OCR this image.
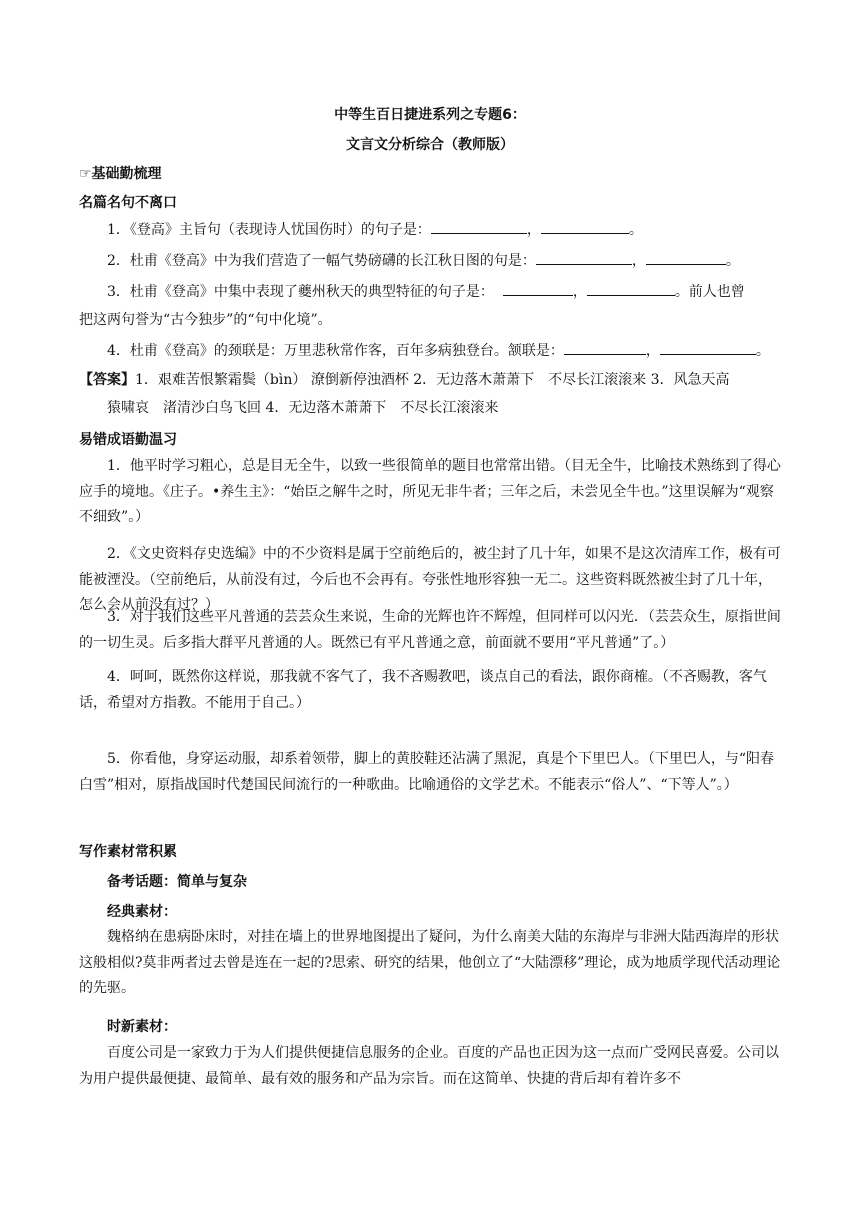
中等生百日捷进系列之专题6：
文言文分析综合（教师版）
☞基础勤梳理
名篇名句不离口

1．《登高》主旨句（表现诗人忧国伤时）的句子是：	，	。

2．杜甫《登高》中为我们营造了一幅气势磅礴的长江秋日图的句是：	，	。

3．杜甫《登高》中集中表现了夔州秋天的典型特征的句子是：	，	。前人也曾

把这两句誉为“古今独步”的“句中化境”。

4．杜甫《登高》的颈联是：万里悲秋常作客，百年多病独登台。颔联是：	，	。

【答案】1．艰难苦恨繁霜鬓（bìn） 潦倒新停浊酒杯 2．无边落木萧萧下　不尽长江滚滚来 3．风急天高
猿啸哀　渚清沙白鸟飞回 4．无边落木萧萧下　不尽长江滚滚来

易错成语勤温习

1．他平时学习粗心，总是目无全牛，以致一些很简单的题目也常常出错。（目无全牛，比喻技术熟练到了得心应手的境地。《庄子。•养生主》：“始臣之解牛之时，所见无非牛者；三年之后，未尝见全牛也。”这里误解为“观察不细致”。）

2．《文史资料存史选编》中的不少资料是属于空前绝后的，被尘封了几十年，如果不是这次清库工作，极有可能被湮没。（空前绝后，从前没有过，今后也不会再有。夸张性地形容独一无二。这些资料既然被尘封了几十年，怎么会从前没有过？）

3．对于我们这些平凡普通的芸芸众生来说，生命的光辉也许不辉煌，但同样可以闪光．（芸芸众生，原指世间的一切生灵。后多指大群平凡普通的人。既然已有平凡普通之意，前面就不要用“平凡普通”了。）

4．呵呵，既然你这样说，那我就不客气了，我不吝赐教吧，谈点自己的看法，跟你商榷。（不吝赐教，客气话，希望对方指教。不能用于自己。）

5．你看他，身穿运动服，却系着领带，脚上的黄胶鞋还沾满了黑泥，真是个下里巴人。（下里巴人，与“阳春白雪”相对，原指战国时代楚国民间流行的一种歌曲。比喻通俗的文学艺术。不能表示“俗人”、“下等人”。）

写作素材常积累
备考话题：简单与复杂
经典素材：

魏格纳在患病卧床时，对挂在墙上的世界地图提出了疑问，为什么南美大陆的东海岸与非洲大陆西海岸的形状这般相似?莫非两者过去曾是连在一起的?思索、研究的结果，他创立了“大陆漂移”理论，成为地质学现代活动理论的先驱。

时新素材：

百度公司是一家致力于为人们提供便捷信息服务的企业。百度的产品也正因为这一点而广受网民喜爱。公司以为用户提供最便捷、最简单、最有效的服务和产品为宗旨。而在这简单、快捷的背后却有着许多不
